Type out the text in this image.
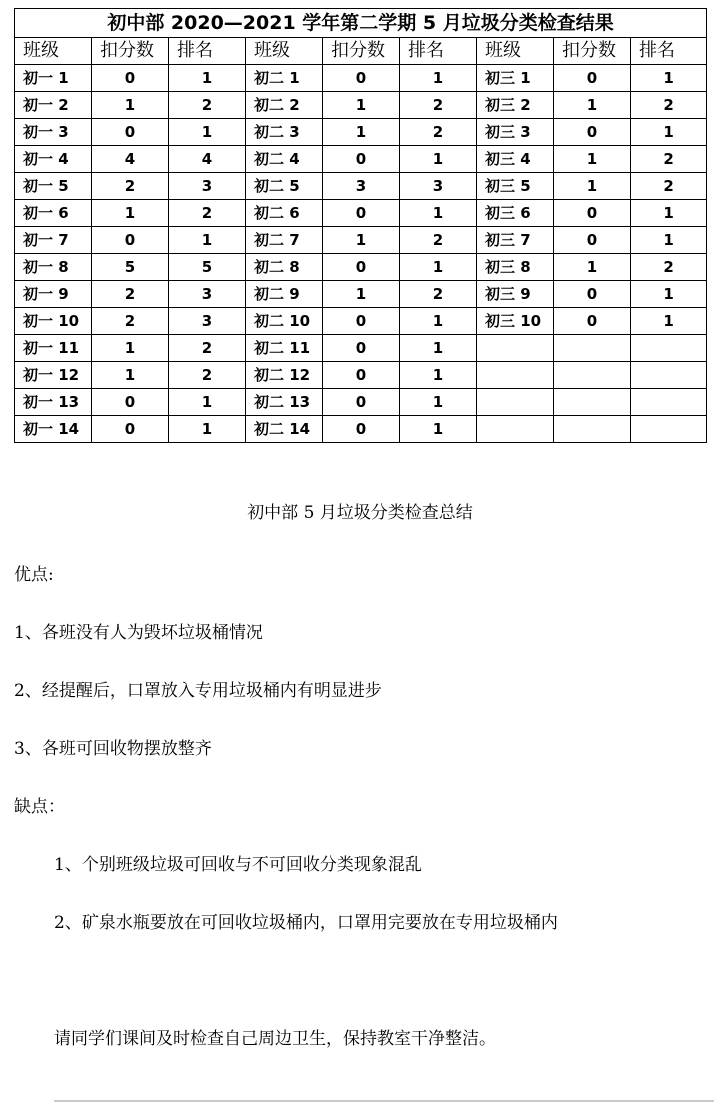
初中部 2020—2021 学年第二学期 5 月垃圾分类检查结果								
班级	扣分数	排名	班级	扣分数	排名	班级	扣分数	排名
初一 1	0	1	初二 1	0	1	初三 1	0	1
初一 2	1	2	初二 2	1	2	初三 2	1	2
初一 3	0	1	初二 3	1	2	初三 3	0	1
初一 4	4	4	初二 4	0	1	初三 4	1	2
初一 5	2	3	初二 5	3	3	初三 5	1	2
初一 6	1	2	初二 6	0	1	初三 6	0	1
初一 7	0	1	初二 7	1	2	初三 7	0	1
初一 8	5	5	初二 8	0	1	初三 8	1	2
初一 9	2	3	初二 9	1	2	初三 9	0	1
初一 10	2	3	初二 10	0	1	初三 10	0	1
初一 11	1	2	初二 11	0	1			
初一 12	1	2	初二 12	0	1			
初一 13	0	1	初二 13	0	1			
初一 14	0	1	初二 14	0	1			
初中部 5 月垃圾分类检查总结
优点:
1、各班没有人为毁坏垃圾桶情况
2、经提醒后，口罩放入专用垃圾桶内有明显进步
3、各班可回收物摆放整齐
缺点：
1、个别班级垃圾可回收与不可回收分类现象混乱
2、矿泉水瓶要放在可回收垃圾桶内，口罩用完要放在专用垃圾桶内
请同学们课间及时检查自己周边卫生，保持教室干净整洁。
